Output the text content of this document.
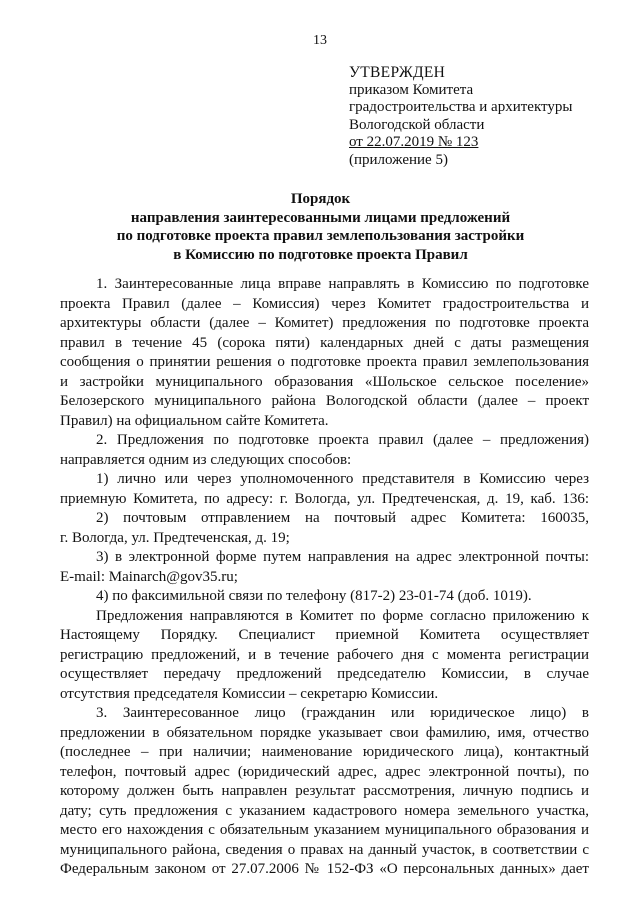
13
УТВЕРЖДЕН
приказом Комитета
градостроительства и архитектуры
Вологодской области
от 22.07.2019 № 123
(приложение 5)
Порядок
направления заинтересованными лицами предложений
по подготовке проекта правил землепользования застройки
в Комиссию по подготовке проекта Правил
1. Заинтересованные лица вправе направлять в Комиссию по подготовке
проекта Правил (далее – Комиссия) через Комитет градостроительства и
архитектуры области (далее – Комитет) предложения по подготовке проекта
правил в течение 45 (сорока пяти) календарных дней с даты размещения
сообщения о принятии решения о подготовке проекта правил землепользования
и застройки муниципального образования «Шольское сельское поселение»
Белозерского муниципального района Вологодской области (далее – проект
Правил) на официальном сайте Комитета.
2. Предложения по подготовке проекта правил (далее – предложения)
направляется одним из следующих способов:
1) лично или через уполномоченного представителя в Комиссию через
приемную Комитета, по адресу: г. Вологда, ул. Предтеченская, д. 19, каб. 136:
2) почтовым отправлением на почтовый адрес Комитета: 160035,
г. Вологда, ул. Предтеченская, д. 19;
3) в электронной форме путем направления на адрес электронной почты:
E-mail: Mainarch@gov35.ru;
4) по факсимильной связи по телефону (817-2) 23-01-74 (доб. 1019).
Предложения направляются в Комитет по форме согласно приложению к
Настоящему Порядку. Специалист приемной Комитета осуществляет
регистрацию предложений, и в течение рабочего дня с момента регистрации
осуществляет передачу предложений председателю Комиссии, в случае
отсутствия председателя Комиссии – секретарю Комиссии.
3. Заинтересованное лицо (гражданин или юридическое лицо) в
предложении в обязательном порядке указывает свои фамилию, имя, отчество
(последнее – при наличии; наименование юридического лица), контактный
телефон, почтовый адрес (юридический адрес, адрес электронной почты), по
которому должен быть направлен результат рассмотрения, личную подпись и
дату; суть предложения с указанием кадастрового номера земельного участка,
место его нахождения с обязательным указанием муниципального образования и
муниципального района, сведения о правах на данный участок, в соответствии с
Федеральным законом от 27.07.2006 № 152-ФЗ «О персональных данных» дает
